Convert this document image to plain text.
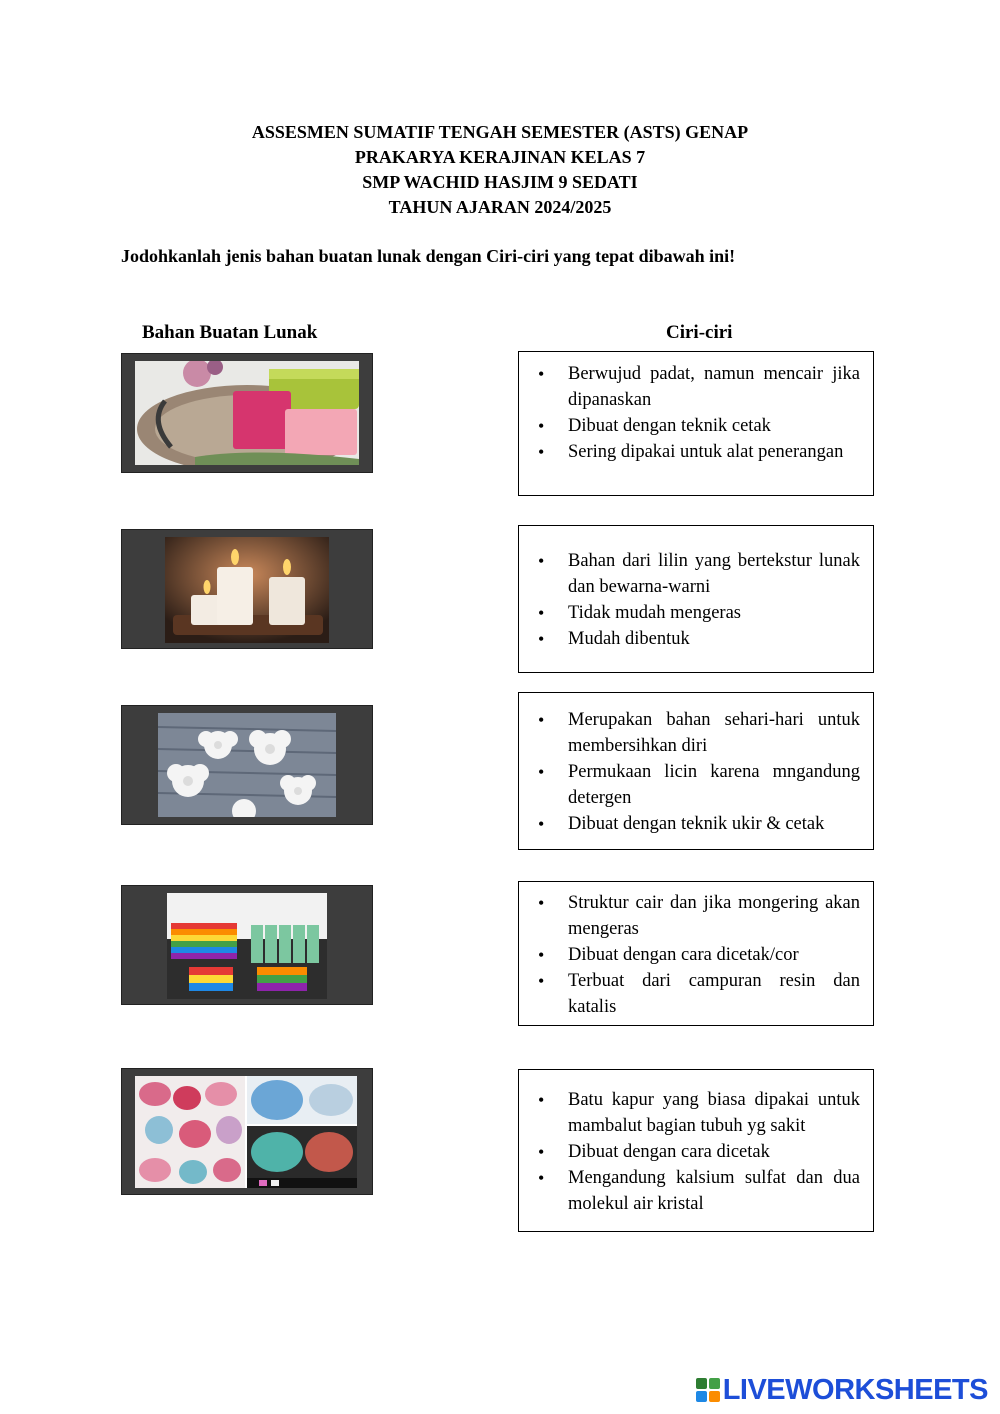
ASSESMEN SUMATIF TENGAH SEMESTER (ASTS) GENAP
PRAKARYA KERAJINAN KELAS 7
SMP WACHID HASJIM 9 SEDATI
TAHUN AJARAN 2024/2025
Jodohkanlah jenis bahan buatan lunak dengan Ciri-ciri yang tepat dibawah ini!
Bahan Buatan Lunak	Ciri-ciri
• Berwujud padat, namun mencair jika dipanaskan
• Dibuat dengan teknik cetak
• Sering dipakai untuk alat penerangan
• Bahan dari lilin yang bertekstur lunak dan bewarna-warni
• Tidak mudah mengeras
• Mudah dibentuk
• Merupakan bahan sehari-hari untuk membersihkan diri
• Permukaan licin karena mngandung detergen
• Dibuat dengan teknik ukir & cetak
• Struktur cair dan jika mongering akan mengeras
• Dibuat dengan cara dicetak/cor
• Terbuat dari campuran resin dan katalis
• Batu kapur yang biasa dipakai untuk mambalut bagian tubuh yg sakit
• Dibuat dengan cara dicetak
• Mengandung kalsium sulfat dan dua molekul air kristal
LIVEWORKSHEETS
